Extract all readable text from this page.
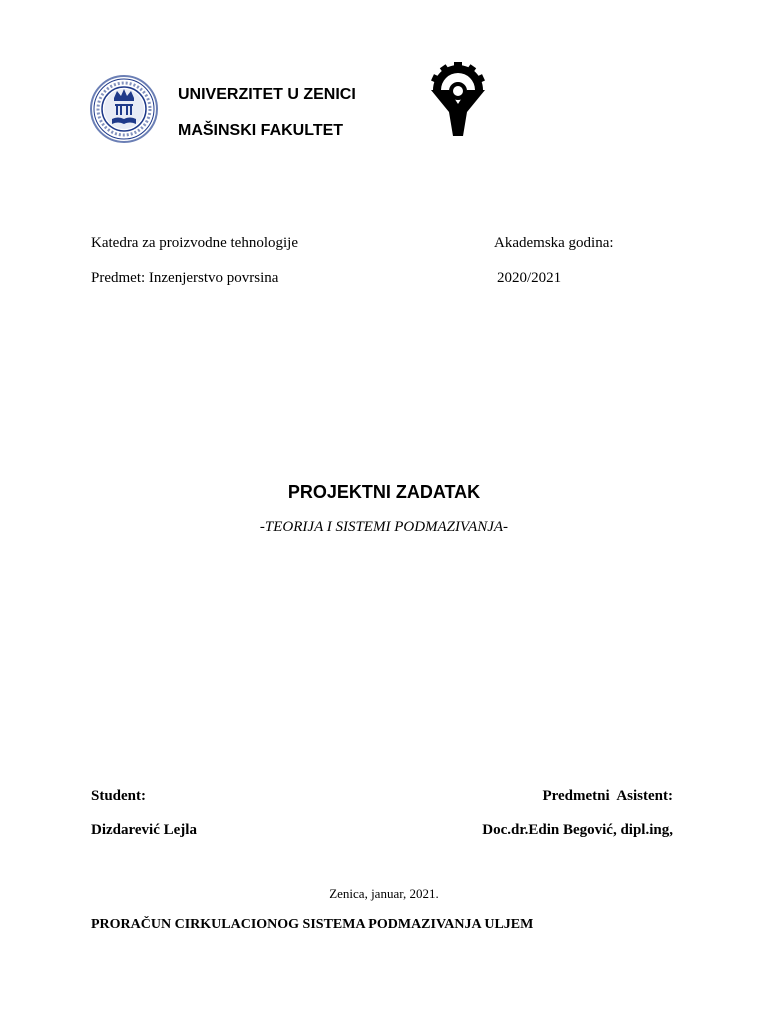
UNIVERZITET U ZENICI
MAŠINSKI FAKULTET
Katedra za proizvodne tehnologije	Akademska godina:
Predmet: Inzenjerstvo povrsina	2020/2021
PROJEKTNI ZADATAK
-TEORIJA I SISTEMI PODMAZIVANJA-
Student:	Predmetni  Asistent:
Dizdarević Lejla	Doc.dr.Edin Begović, dipl.ing,
Zenica, januar, 2021.
PRORAČUN CIRKULACIONOG SISTEMA PODMAZIVANJA ULJEM
